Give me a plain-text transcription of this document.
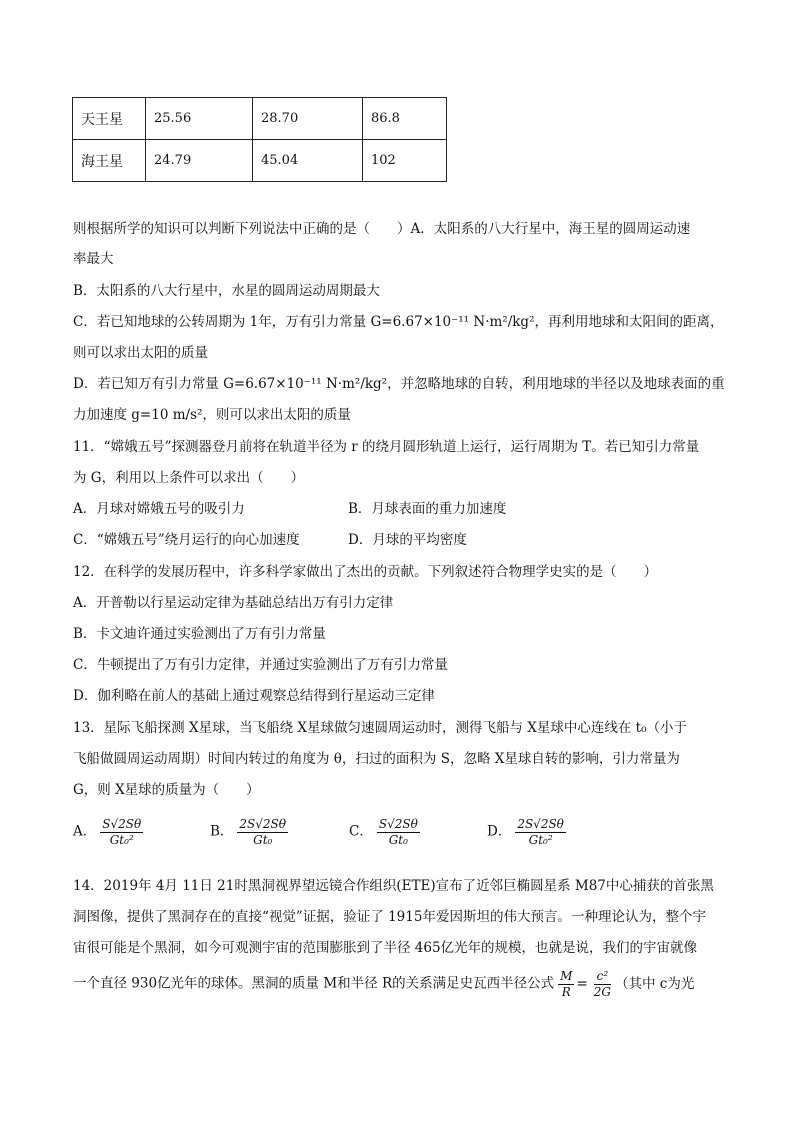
天王星	25.56	28.70	86.8
海王星	24.79	45.04	102
则根据所学的知识可以判断下列说法中正确的是（　　）A．太阳系的八大行星中，海王星的圆周运动速
率最大
B．太阳系的八大行星中，水星的圆周运动周期最大
C．若已知地球的公转周期为 1年，万有引力常量 G=6.67×10⁻¹¹ N·m²/kg²，再利用地球和太阳间的距离，
则可以求出太阳的质量
D．若已知万有引力常量 G=6.67×10⁻¹¹ N·m²/kg²，并忽略地球的自转，利用地球的半径以及地球表面的重
力加速度 g=10 m/s²，则可以求出太阳的质量
11．“嫦娥五号”探测器登月前将在轨道半径为 r 的绕月圆形轨道上运行，运行周期为 T。若已知引力常量
为 G，利用以上条件可以求出（　　）
A．月球对嫦娥五号的吸引力	B．月球表面的重力加速度
C．“嫦娥五号”绕月运行的向心加速度	D．月球的平均密度
12．在科学的发展历程中，许多科学家做出了杰出的贡献。下列叙述符合物理学史实的是（　　）
A．开普勒以行星运动定律为基础总结出万有引力定律
B．卡文迪许通过实验测出了万有引力常量
C．牛顿提出了万有引力定律，并通过实验测出了万有引力常量
D．伽利略在前人的基础上通过观察总结得到行星运动三定律
13．星际飞船探测 X星球，当飞船绕 X星球做匀速圆周运动时，测得飞船与 X星球中心连线在 t₀（小于
飞船做圆周运动周期）时间内转过的角度为 θ，扫过的面积为 S，忽略 X星球自转的影响，引力常量为
G，则 X星球的质量为（　　）
A． $\frac{S√2S\theta}{\text{Gt₀²}}$	B． $\frac{2S√2S\theta}{\text{Gt₀}}$	C． $\frac{S√2S\theta}{\text{Gt₀}}$	D． $\frac{2S√2S\theta}{\text{Gt₀²}}$
14．2019年 4月 11日 21时黑洞视界望远镜合作组织(ETE)宣布了近邻巨椭圆星系 M87中心捕获的首张黑
洞图像，提供了黑洞存在的直接“视觉”证据，验证了 1915年爱因斯坦的伟大预言。一种理论认为，整个宇
宙很可能是个黑洞，如今可观测宇宙的范围膨胀到了半径 465亿光年的规模，也就是说，我们的宇宙就像
一个直径 930亿光年的球体。黑洞的质量 M和半径 R的关系满足史瓦西半径公式 $\frac{M}{R} = \frac{\text{c²}}{2G}$ （其中 c为光
